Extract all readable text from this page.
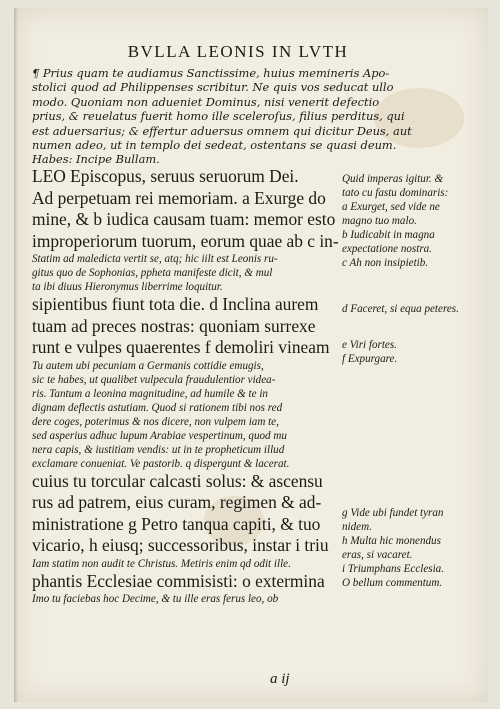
BVLLA LEONIS IN LVTH
¶ Prius quam te audiamus Sanctissime, huius memineris Apo-
stolici quod ad Philippenses scribitur. Ne quis vos seducat ullo
modo. Quoniam non adueniet Dominus, nisi venerit defectio
prius, & reuelatus fuerit homo ille sceleroſus, filius perditus, qui
est aduersarius; & effertur aduersus omnem qui dicitur Deus, aut
numen adeo, ut in templo dei sedeat, ostentans se quasi deum.
Habes: Incipe Bullam.
LEO Episcopus, seruus seruorum Dei.
Ad perpetuam rei memoriam. a Exurge do
mine, & b iudica causam tuam: memor esto
improperiorum tuorum, eorum quae ab c in-
Statim ad maledicta vertit se, atq; hic iilt est Leonis ru-
gitus quo de Sophonias, ppheta manifeste dicit, & mul
ta ibi diuus Hieronymus liberrime loquitur.
sipientibus fiunt tota die. d Inclina aurem
tuam ad preces nostras: quoniam surrexe
runt e vulpes quaerentes f demoliri vineam
Tu autem ubi pecuniam a Germanis cottidie emugis,
sic te habes, ut qualibet vulpecula fraudulentior videa-
ris. Tantum a leonina magnitudine, ad humile & te in
dignam deflectis astutiam. Quod si rationem tibi nos red
dere coges, poterimus & nos dicere, non vulpem iam te,
sed asperius adhuc lupum Arabiae vespertinum, quod mu
nera capis, & iustitiam vendis: ut in te propheticum illud
exclamare conueniat. Ve pastorib. q dispergunt & lacerat.
cuius tu torcular calcasti solus: & ascensu
rus ad patrem, eius curam, regimen & ad-
ministratione g Petro tanqua capiti, & tuo
vicario, h eiusq; successoribus, instar i triu
Iam statim non audit te Christus. Metiris enim qd odit ille.
phantis Ecclesiae commisisti: o extermina
Imo tu faciebas hoc Decime, & tu ille eras ferus leo, ob
Quid imperas igitur. &
tato cu fastu dominaris:
a Exurget, sed vide ne
magno tuo malo.
b Iudicabit in magna
expectatione nostra.
c Ah non insipietib.
d Faceret, si equa peteres.
e Viri fortes.
f Expurgare.
g Vide ubi fundet tyran
nidem.
h Multa hic monendus
eras, si vacaret.
i Triumphans Ecclesia.
O bellum commentum.
a ij
